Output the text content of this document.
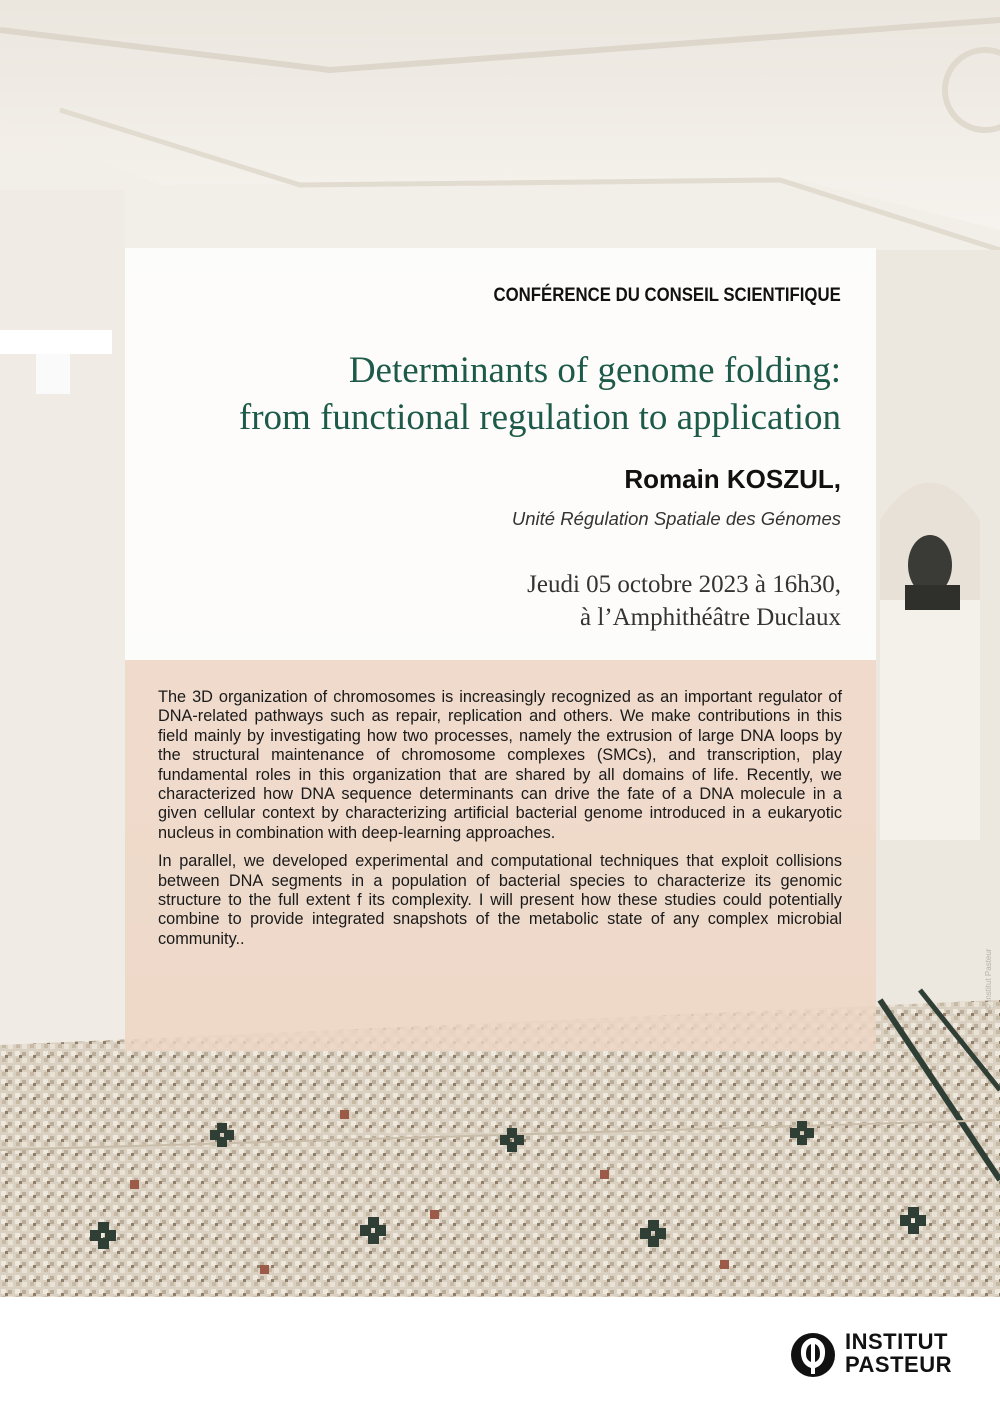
CONFÉRENCE DU CONSEIL SCIENTIFIQUE
Determinants of genome folding:
from functional regulation to application
Romain KOSZUL,
Unité Régulation Spatiale des Génomes
Jeudi 05 octobre 2023 à 16h30,
à l’Amphithéâtre Duclaux

The 3D organization of chromosomes is increasingly recognized as an important regulator of DNA-related pathways such as repair, replication and others. We make contributions in this field mainly by investigating how two processes, namely the extrusion of large DNA loops by the structural maintenance of chromosome complexes (SMCs), and transcription, play fundamental roles in this organization that are shared by all domains of life. Recently, we characterized how DNA sequence determinants can drive the fate of a DNA molecule in a given cellular context by characterizing artificial bacterial genome introduced in a eukaryotic nucleus in combination with deep-learning approaches.

In parallel, we developed experimental and computational techniques that exploit collisions between DNA segments in a population of bacterial species to characterize its genomic structure to the full extent f its complexity. I will present how these studies could potentially combine to provide integrated snapshots of the metabolic state of any complex microbial community..

© Institut Pasteur
INSTITUT
PASTEUR
